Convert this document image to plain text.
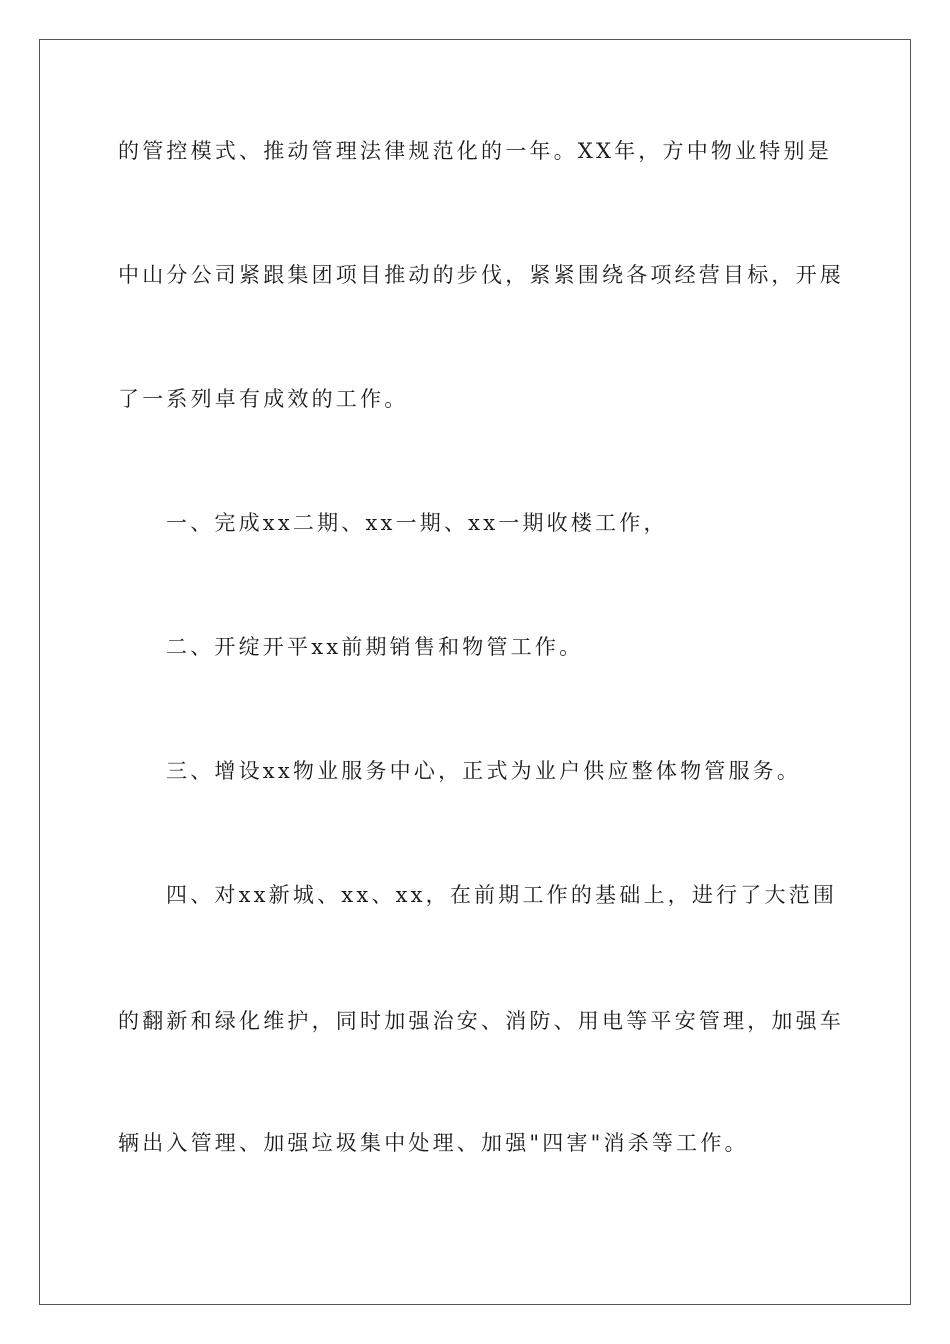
的管控模式、推动管理法律规范化的一年。XX年，方中物业特别是
中山分公司紧跟集团项目推动的步伐，紧紧围绕各项经营目标，开展
了一系列卓有成效的工作。
一、完成xx二期、xx一期、xx一期收楼工作，
二、开绽开平xx前期销售和物管工作。
三、增设xx物业服务中心，正式为业户供应整体物管服务。
四、对xx新城、xx、xx，在前期工作的基础上，进行了大范围
的翻新和绿化维护，同时加强治安、消防、用电等平安管理，加强车
辆出入管理、加强垃圾集中处理、加强"四害"消杀等工作。
